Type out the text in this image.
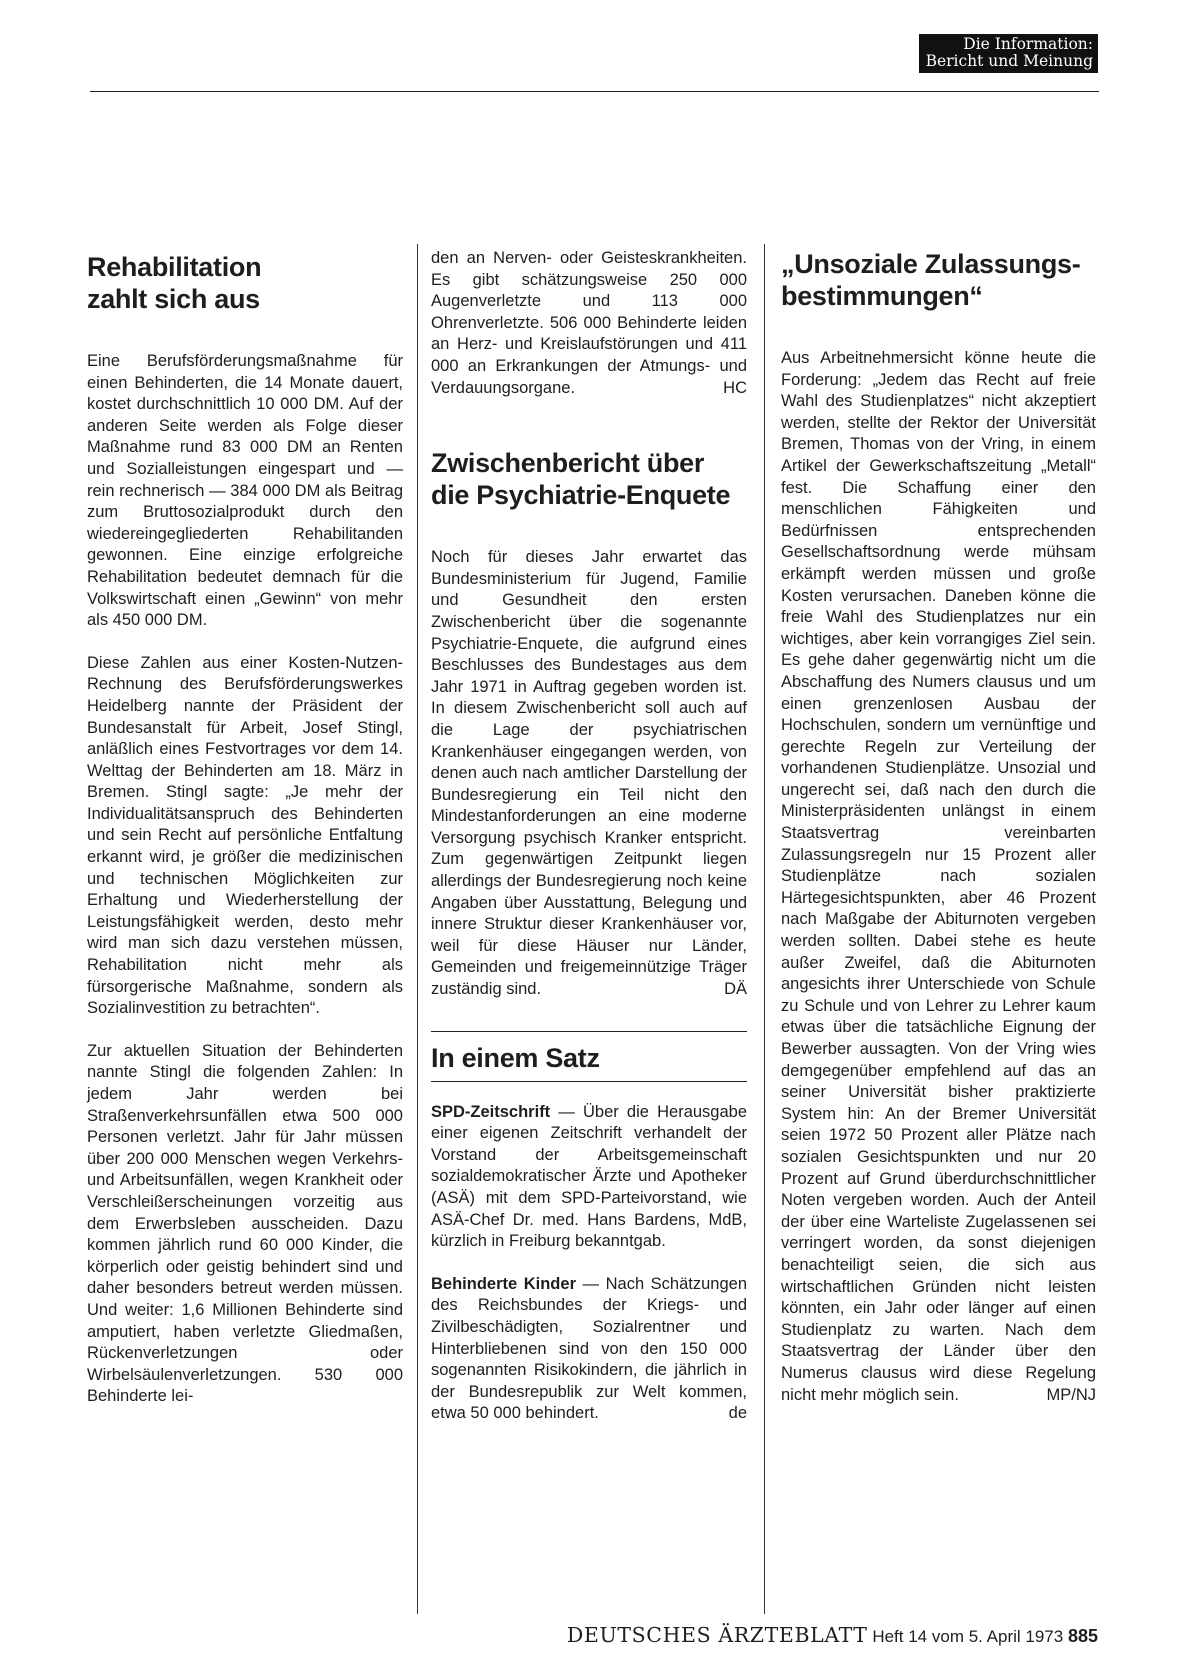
Die Information:
Bericht und Meinung
Rehabilitation
zahlt sich aus

Eine Berufsförderungsmaßnahme für einen Behinderten, die 14 Monate dauert, kostet durchschnittlich 10 000 DM. Auf der anderen Seite werden als Folge dieser Maßnahme rund 83 000 DM an Renten und Sozialleistungen eingespart und — rein rechnerisch — 384 000 DM als Beitrag zum Bruttosozialprodukt durch den wiedereingegliederten Rehabilitanden gewonnen. Eine einzige erfolgreiche Rehabilitation bedeutet demnach für die Volkswirtschaft einen „Gewinn“ von mehr als 450 000 DM.

Diese Zahlen aus einer Kosten-Nutzen-Rechnung des Berufsförderungswerkes Heidelberg nannte der Präsident der Bundesanstalt für Arbeit, Josef Stingl, anläßlich eines Festvortrages vor dem 14. Welttag der Behinderten am 18. März in Bremen. Stingl sagte: „Je mehr der Individualitätsanspruch des Behinderten und sein Recht auf persönliche Entfaltung erkannt wird, je größer die medizinischen und technischen Möglichkeiten zur Erhaltung und Wiederherstellung der Leistungsfähigkeit werden, desto mehr wird man sich dazu verstehen müssen, Rehabilitation nicht mehr als fürsorgerische Maßnahme, sondern als Sozialinvestition zu betrachten“.

Zur aktuellen Situation der Behinderten nannte Stingl die folgenden Zahlen: In jedem Jahr werden bei Straßenverkehrsunfällen etwa 500 000 Personen verletzt. Jahr für Jahr müssen über 200 000 Menschen wegen Verkehrs- und Arbeitsunfällen, wegen Krankheit oder Verschleißerscheinungen vorzeitig aus dem Erwerbsleben ausscheiden. Dazu kommen jährlich rund 60 000 Kinder, die körperlich oder geistig behindert sind und daher besonders betreut werden müssen. Und weiter: 1,6 Millionen Behinderte sind amputiert, haben verletzte Gliedmaßen, Rückenverletzungen oder Wirbelsäulenverletzungen. 530 000 Behinderte lei-

den an Nerven- oder Geisteskrankheiten. Es gibt schätzungsweise 250 000 Augenverletzte und 113 000 Ohrenverletzte. 506 000 Behinderte leiden an Herz- und Kreislaufstörungen und 411 000 an Erkrankungen der Atmungs- und Verdauungsorgane.	HC

Zwischenbericht über
die Psychiatrie-Enquete

Noch für dieses Jahr erwartet das Bundesministerium für Jugend, Familie und Gesundheit den ersten Zwischenbericht über die sogenannte Psychiatrie-Enquete, die aufgrund eines Beschlusses des Bundestages aus dem Jahr 1971 in Auftrag gegeben worden ist. In diesem Zwischenbericht soll auch auf die Lage der psychiatrischen Krankenhäuser eingegangen werden, von denen auch nach amtlicher Darstellung der Bundesregierung ein Teil nicht den Mindestanforderungen an eine moderne Versorgung psychisch Kranker entspricht. Zum gegenwärtigen Zeitpunkt liegen allerdings der Bundesregierung noch keine Angaben über Ausstattung, Belegung und innere Struktur dieser Krankenhäuser vor, weil für diese Häuser nur Länder, Gemeinden und freigemeinnützige Träger zuständig sind.	DÄ

In einem Satz

SPD-Zeitschrift — Über die Herausgabe einer eigenen Zeitschrift verhandelt der Vorstand der Arbeitsgemeinschaft sozialdemokratischer Ärzte und Apotheker (ASÄ) mit dem SPD-Parteivorstand, wie ASÄ-Chef Dr. med. Hans Bardens, MdB, kürzlich in Freiburg bekanntgab.

Behinderte Kinder — Nach Schätzungen des Reichsbundes der Kriegs- und Zivilbeschädigten, Sozialrentner und Hinterbliebenen sind von den 150 000 sogenannten Risikokindern, die jährlich in der Bundesrepublik zur Welt kommen, etwa 50 000 behindert.	de

„Unsoziale Zulassungs-
bestimmungen“

Aus Arbeitnehmersicht könne heute die Forderung: „Jedem das Recht auf freie Wahl des Studienplatzes“ nicht akzeptiert werden, stellte der Rektor der Universität Bremen, Thomas von der Vring, in einem Artikel der Gewerkschaftszeitung „Metall“ fest. Die Schaffung einer den menschlichen Fähigkeiten und Bedürfnissen entsprechenden Gesellschaftsordnung werde mühsam erkämpft werden müssen und große Kosten verursachen. Daneben könne die freie Wahl des Studienplatzes nur ein wichtiges, aber kein vorrangiges Ziel sein. Es gehe daher gegenwärtig nicht um die Abschaffung des Numers clausus und um einen grenzenlosen Ausbau der Hochschulen, sondern um vernünftige und gerechte Regeln zur Verteilung der vorhandenen Studienplätze. Unsozial und ungerecht sei, daß nach den durch die Ministerpräsidenten unlängst in einem Staatsvertrag vereinbarten Zulassungsregeln nur 15 Prozent aller Studienplätze nach sozialen Härtegesichtspunkten, aber 46 Prozent nach Maßgabe der Abiturnoten vergeben werden sollten. Dabei stehe es heute außer Zweifel, daß die Abiturnoten angesichts ihrer Unterschiede von Schule zu Schule und von Lehrer zu Lehrer kaum etwas über die tatsächliche Eignung der Bewerber aussagten. Von der Vring wies demgegenüber empfehlend auf das an seiner Universität bisher praktizierte System hin: An der Bremer Universität seien 1972 50 Prozent aller Plätze nach sozialen Gesichtspunkten und nur 20 Prozent auf Grund überdurchschnittlicher Noten vergeben worden. Auch der Anteil der über eine Warteliste Zugelassenen sei verringert worden, da sonst diejenigen benachteiligt seien, die sich aus wirtschaftlichen Gründen nicht leisten könnten, ein Jahr oder länger auf einen Studienplatz zu warten. Nach dem Staatsvertrag der Länder über den Numerus clausus wird diese Regelung nicht mehr möglich sein.	MP/NJ

DEUTSCHES ÄRZTEBLATT Heft 14 vom 5. April 1973 885
